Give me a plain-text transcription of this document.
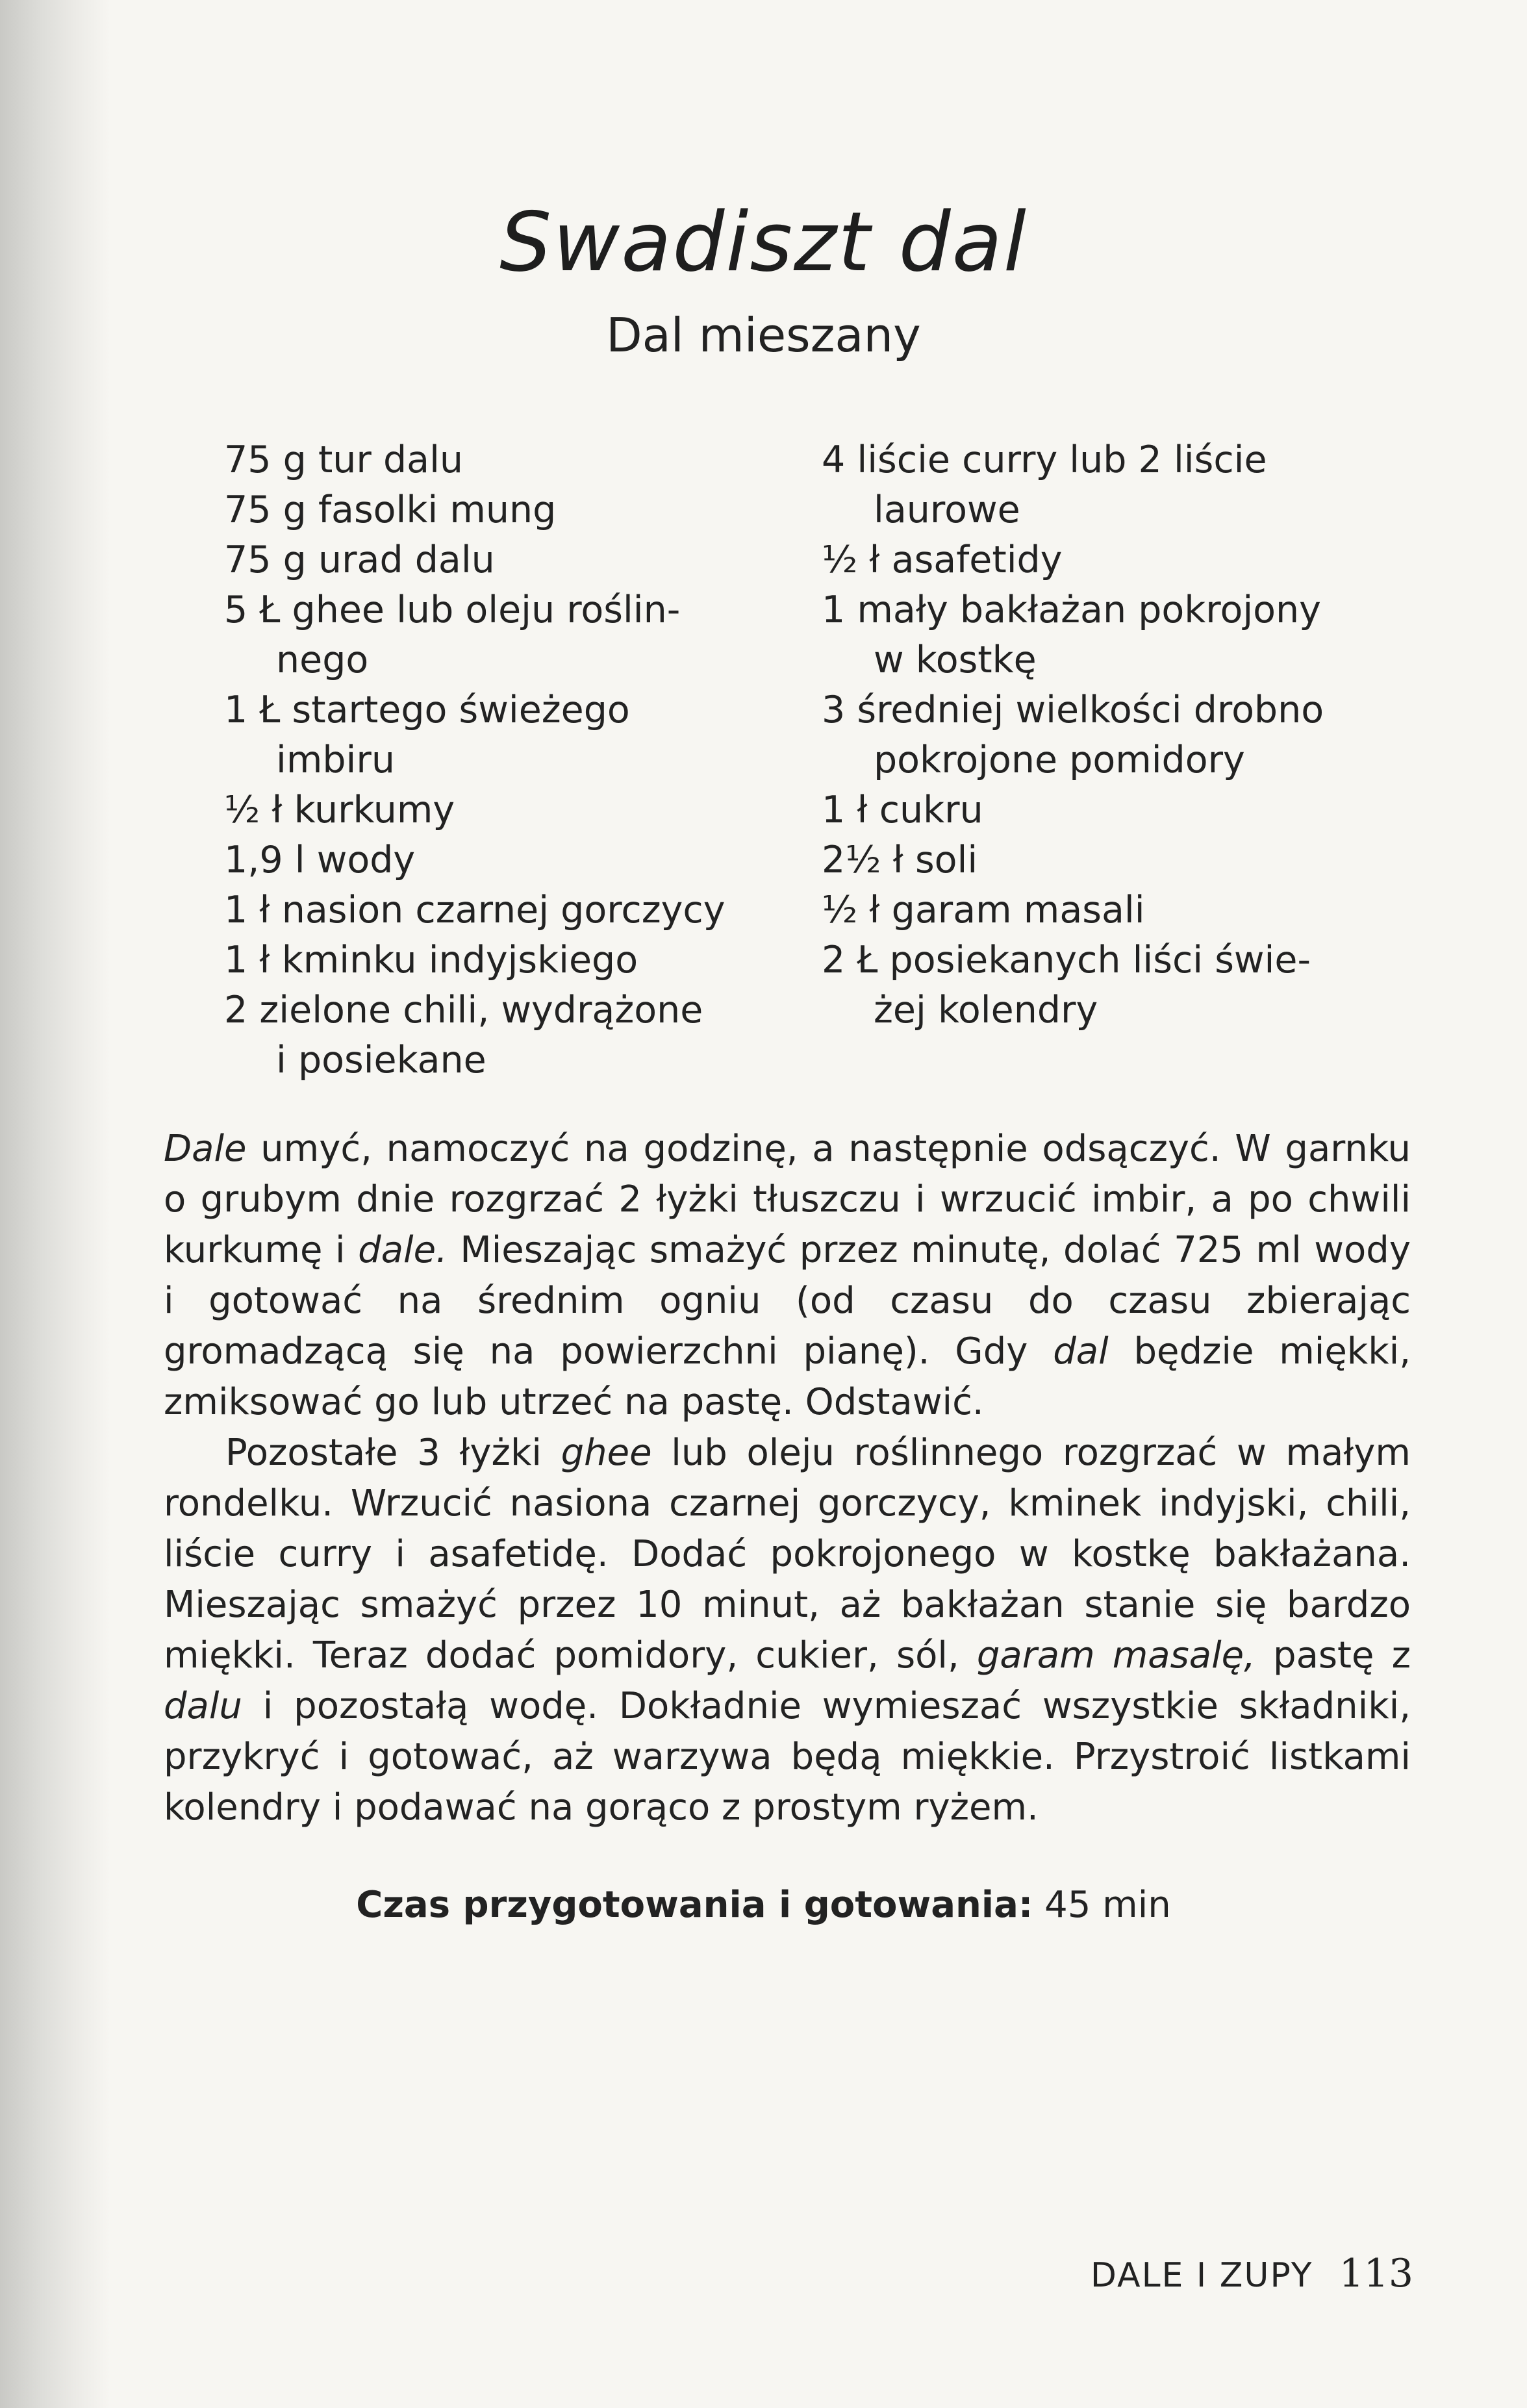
Swadiszt dal
Dal mieszany
75 g tur dalu
75 g fasolki mung
75 g urad dalu
5 Ł ghee lub oleju roślin-
nego
1 Ł startego świeżego
imbiru
½ ł kurkumy
1,9 l wody
1 ł nasion czarnej gorczycy
1 ł kminku indyjskiego
2 zielone chili, wydrążone
i posiekane
4 liście curry lub 2 liście
laurowe
½ ł asafetidy
1 mały bakłażan pokrojony
w kostkę
3 średniej wielkości drobno
pokrojone pomidory
1 ł cukru
2½ ł soli
½ ł garam masali
2 Ł posiekanych liści świe-
żej kolendry

Dale umyć, namoczyć na godzinę, a następnie odsączyć. W garnku o grubym dnie rozgrzać 2 łyżki tłuszczu i wrzucić imbir, a po chwili kurkumę i dale. Mieszając smażyć przez minutę, dolać 725 ml wody i gotować na średnim ogniu (od czasu do czasu zbierając gromadzącą się na powierzchni pianę). Gdy dal będzie miękki, zmiksować go lub utrzeć na pastę. Odstawić.

Pozostałe 3 łyżki ghee lub oleju roślinnego rozgrzać w małym rondelku. Wrzucić nasiona czarnej gorczycy, kminek indyjski, chili, liście curry i asafetidę. Dodać pokrojonego w kostkę bakłażana. Mieszając smażyć przez 10 minut, aż bakłażan stanie się bardzo miękki. Teraz dodać pomidory, cukier, sól, garam masalę, pastę z dalu i pozostałą wodę. Dokładnie wymieszać wszystkie składniki, przykryć i gotować, aż warzywa będą miękkie. Przystroić listkami kolendry i podawać na gorąco z prostym ryżem.

Czas przygotowania i gotowania: 45 min
DALE I ZUPY 113
